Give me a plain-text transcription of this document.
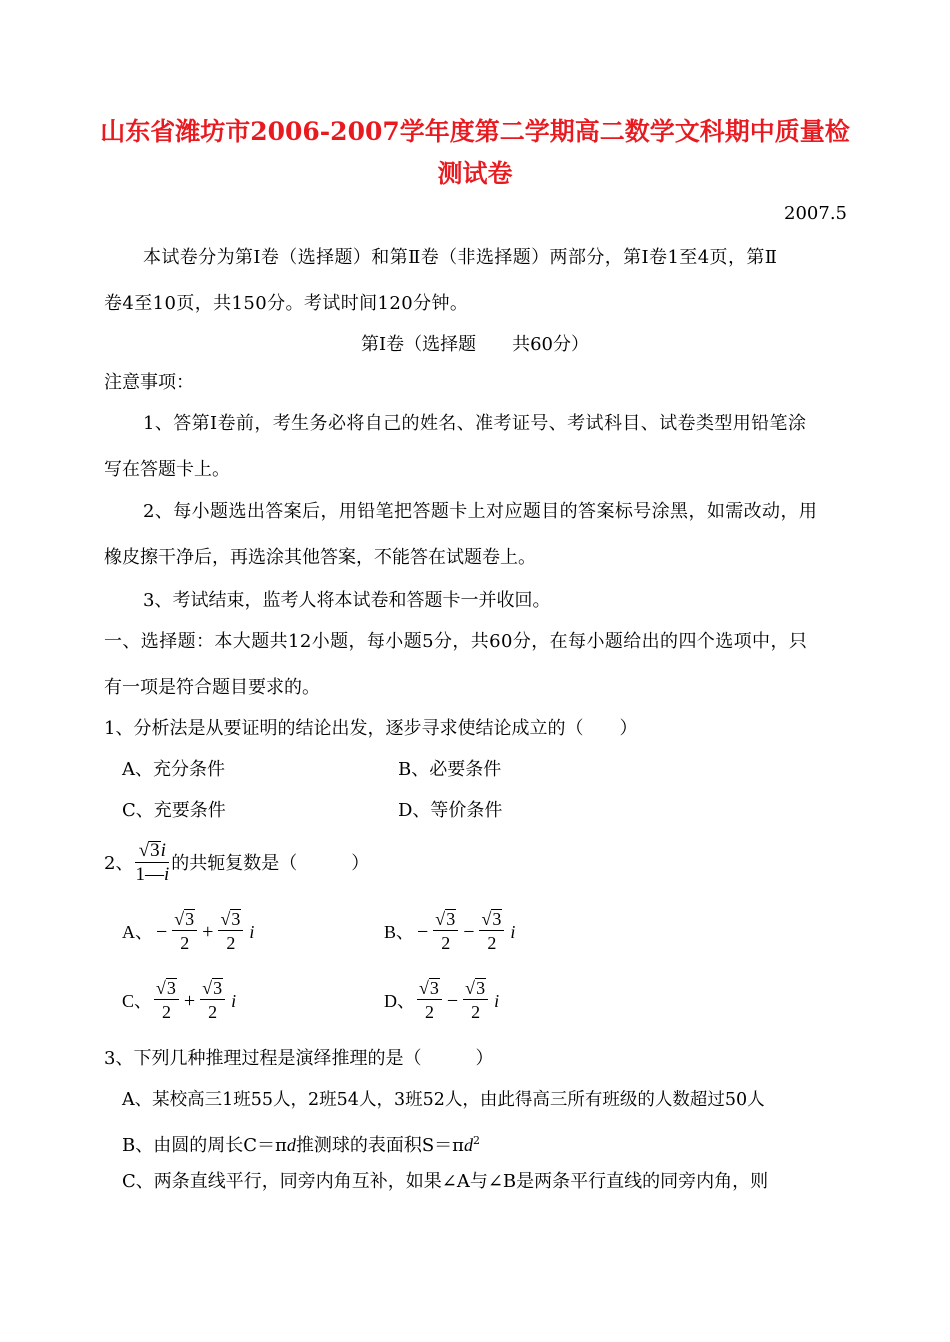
山东省潍坊市2006-2007学年度第二学期高二数学文科期中质量检
测试卷
2007.5
本试卷分为第Ⅰ卷（选择题）和第Ⅱ卷（非选择题）两部分，第Ⅰ卷1至4页，第Ⅱ
卷4至10页，共150分。考试时间120分钟。
第Ⅰ卷（选择题　　共60分）
注意事项：
1、答第Ⅰ卷前，考生务必将自己的姓名、准考证号、考试科目、试卷类型用铅笔涂
写在答题卡上。
2、每小题选出答案后，用铅笔把答题卡上对应题目的答案标号涂黑，如需改动，用
橡皮擦干净后，再选涂其他答案，不能答在试题卷上。
3、考试结束，监考人将本试卷和答题卡一并收回。
一、选择题：本大题共12小题，每小题5分，共60分，在每小题给出的四个选项中，只
有一项是符合题目要求的。
1、分析法是从要证明的结论出发，逐步寻求使结论成立的（　　）
A、充分条件	B、必要条件
C、充要条件	D、等价条件
2、 $\frac{√3i}{1—i}$ 的共轭复数是（　　　）
A、 − $\frac{√3}{2} + \frac{√3}{2}$ i	B、 − $\frac{√3}{2} - \frac{√3}{2}$ i
C、 $\frac{√3}{2} + \frac{√3}{2}$ i	D、 $\frac{√3}{2} - \frac{√3}{2}$ i
3、下列几种推理过程是演绎推理的是（　　　）
A、某校高三1班55人，2班54人，3班52人，由此得高三所有班级的人数超过50人
B、由圆的周长C＝πd推测球的表面积$S=\pi d^2$
C、两条直线平行，同旁内角互补，如果∠A与∠B是两条平行直线的同旁内角，则
